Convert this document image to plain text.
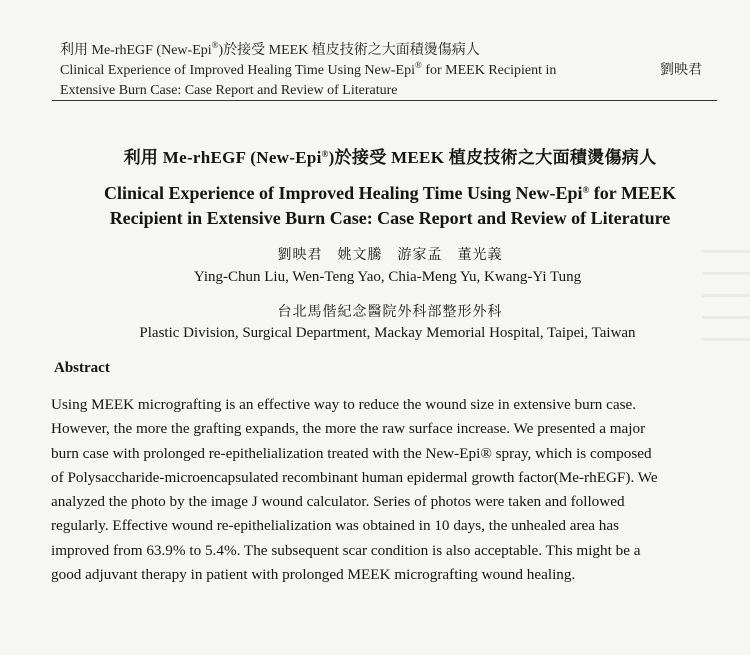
利用 Me-rhEGF (New-Epi®)於接受 MEEK 植皮技術之大面積燙傷病人
Clinical Experience of Improved Healing Time Using New-Epi® for MEEK Recipient in
Extensive Burn Case: Case Report and Review of Literature
劉映君
利用 Me-rhEGF (New-Epi®)於接受 MEEK 植皮技術之大面積燙傷病人
Clinical Experience of Improved Healing Time Using New-Epi® for MEEK
Recipient in Extensive Burn Case: Case Report and Review of Literature
劉映君　姚文騰　游家孟　董光義
Ying-Chun Liu, Wen-Teng Yao, Chia-Meng Yu, Kwang-Yi Tung
台北馬偕紀念醫院外科部整形外科
Plastic Division, Surgical Department, Mackay Memorial Hospital, Taipei, Taiwan
Abstract
Using MEEK micrografting is an effective way to reduce the wound size in extensive burn case.
However, the more the grafting expands, the more the raw surface increase. We presented a major
burn case with prolonged re-epithelialization treated with the New-Epi® spray, which is composed
of Polysaccharide-microencapsulated recombinant human epidermal growth factor(Me-rhEGF). We
analyzed the photo by the image J wound calculator. Series of photos were taken and followed
regularly. Effective wound re-epithelialization was obtained in 10 days, the unhealed area has
improved from 63.9% to 5.4%. The subsequent scar condition is also acceptable. This might be a
good adjuvant therapy in patient with prolonged MEEK micrografting wound healing.
